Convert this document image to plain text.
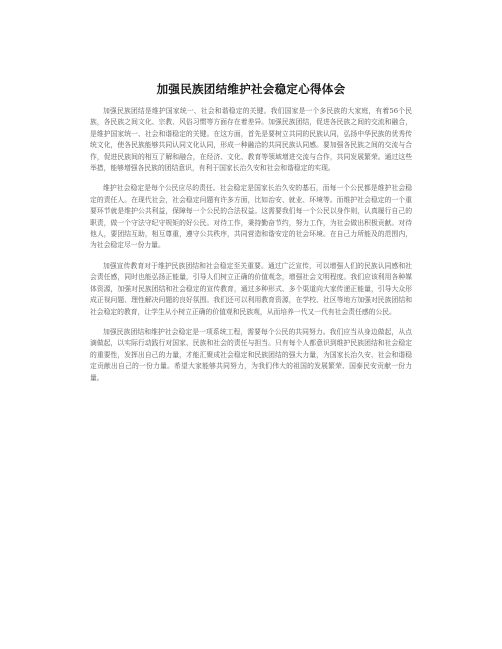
加强民族团结维护社会稳定心得体会

加强民族团结是维护国家统一、社会和谐稳定的关键。我们国家是一个多民族的大家庭，有着56个民族，各民族之间文化、宗教、风俗习惯等方面存在着差异。加强民族团结，促进各民族之间的交流和融合，是维护国家统一、社会和谐稳定的关键。在这方面，首先是要树立共同的民族认同，弘扬中华民族的优秀传统文化，使各民族能够共同认同文化认同，形成一种融洽的共同民族认同感。要加强各民族之间的交流与合作，促进民族间的相互了解和融合，在经济、文化、教育等领域增进交流与合作，共同发展繁荣。通过这些举措，能够增强各民族的团结意识，有利于国家长治久安和社会和谐稳定的实现。

维护社会稳定是每个公民应尽的责任。社会稳定是国家长治久安的基石，而每一个公民都是维护社会稳定的责任人。在现代社会，社会稳定问题有许多方面，比如治安、就业、环境等。而维护社会稳定的一个重要环节就是维护公共利益，保障每一个公民的合法权益。这需要我们每一个公民以身作则，认真履行自己的职责，做一个守法守纪守规矩的好公民。对待工作，秉持勤奋节约，努力工作，为社会做出积极贡献。对待他人，要团结互助，相互尊重，遵守公共秩序，共同营造和谐安定的社会环境。在自己力所能及的范围内，为社会稳定尽一份力量。

加强宣传教育对于维护民族团结和社会稳定至关重要。通过广泛宣传，可以增强人们的民族认同感和社会责任感，同时也能弘扬正能量，引导人们树立正确的价值观念，增强社会文明程度。我们应该利用各种媒体资源，加强对民族团结和社会稳定的宣传教育，通过多种形式、多个渠道向大家传递正能量，引导大众形成正视问题、理性解决问题的良好氛围。我们还可以利用教育资源，在学校、社区等地方加强对民族团结和社会稳定的教育，让学生从小树立正确的价值观和民族观，从而培养一代又一代有社会责任感的公民。

加强民族团结和维护社会稳定是一项系统工程，需要每个公民的共同努力。我们应当从身边做起，从点滴做起，以实际行动践行对国家、民族和社会的责任与担当。只有每个人都意识到维护民族团结和社会稳定的重要性，发挥出自己的力量，才能汇聚成社会稳定和民族团结的强大力量，为国家长治久安、社会和谐稳定贡献出自己的一份力量。希望大家能够共同努力，为我们伟大的祖国的发展繁荣、国泰民安贡献一份力量。
